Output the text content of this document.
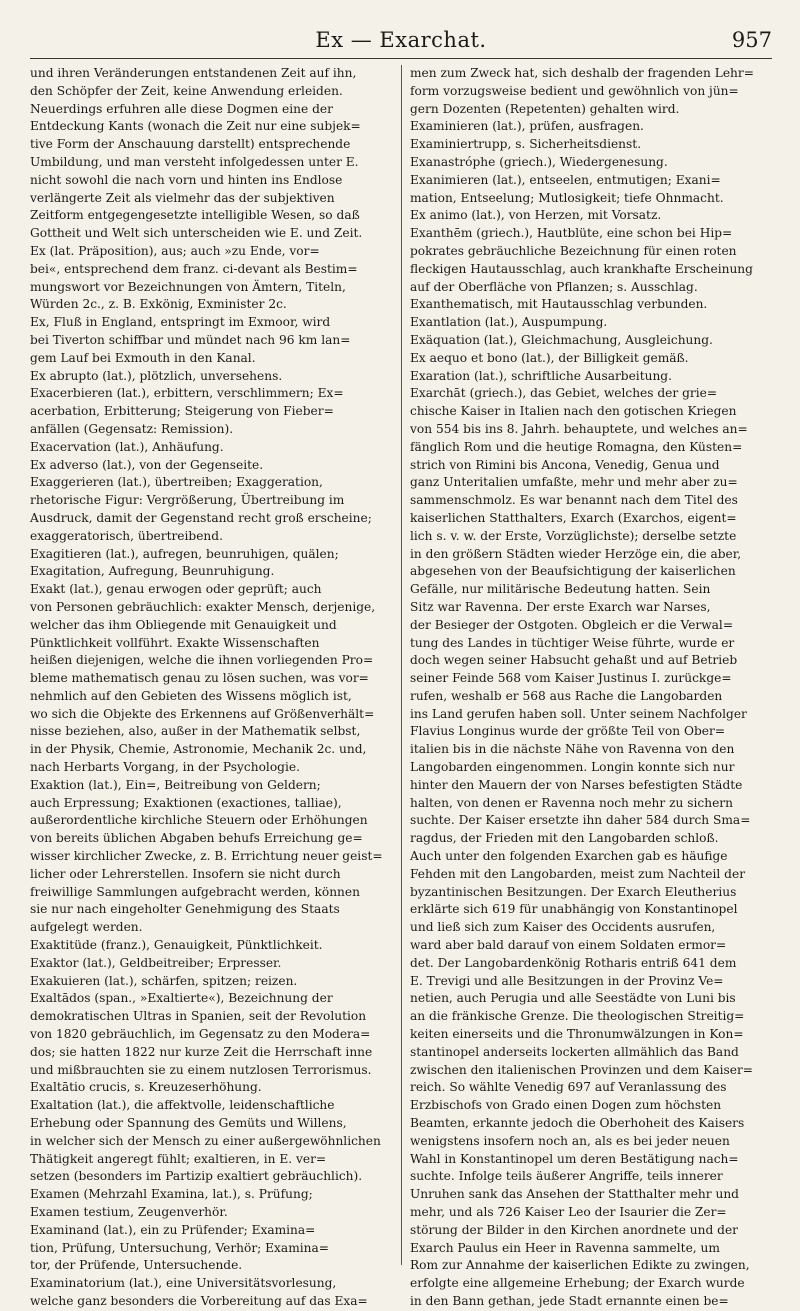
Ex — Exarchat.	957
und ihren Veränderungen entstandenen Zeit auf ihn,
den Schöpfer der Zeit, keine Anwendung erleiden.
Neuerdings erfuhren alle diese Dogmen eine der
Entdeckung Kants (wonach die Zeit nur eine subjek=
tive Form der Anschauung darstellt) entsprechende
Umbildung, und man versteht infolgedessen unter E.
nicht sowohl die nach vorn und hinten ins Endlose
verlängerte Zeit als vielmehr das der subjektiven
Zeitform entgegengesetzte intelligible Wesen, so daß
Gottheit und Welt sich unterscheiden wie E. und Zeit.
Ex (lat. Präposition), aus; auch »zu Ende, vor=
bei«, entsprechend dem franz. ci-devant als Bestim=
mungswort vor Bezeichnungen von Ämtern, Titeln,
Würden 2c., z. B. Exkönig, Exminister 2c.
Ex, Fluß in England, entspringt im Exmoor, wird
bei Tiverton schiffbar und mündet nach 96 km lan=
gem Lauf bei Exmouth in den Kanal.
Ex abrupto (lat.), plötzlich, unversehens.
Exacerbieren (lat.), erbittern, verschlimmern; Ex=
acerbation, Erbitterung; Steigerung von Fieber=
anfällen (Gegensatz: Remission).
Exacervation (lat.), Anhäufung.
Ex adverso (lat.), von der Gegenseite.
Exaggerieren (lat.), übertreiben; Exaggeration,
rhetorische Figur: Vergrößerung, Übertreibung im
Ausdruck, damit der Gegenstand recht groß erscheine;
exaggeratorisch, übertreibend.
Exagitieren (lat.), aufregen, beunruhigen, quälen;
Exagitation, Aufregung, Beunruhigung.
Exakt (lat.), genau erwogen oder geprüft; auch
von Personen gebräuchlich: exakter Mensch, derjenige,
welcher das ihm Obliegende mit Genauigkeit und
Pünktlichkeit vollführt. Exakte Wissenschaften
heißen diejenigen, welche die ihnen vorliegenden Pro=
bleme mathematisch genau zu lösen suchen, was vor=
nehmlich auf den Gebieten des Wissens möglich ist,
wo sich die Objekte des Erkennens auf Größenverhält=
nisse beziehen, also, außer in der Mathematik selbst,
in der Physik, Chemie, Astronomie, Mechanik 2c. und,
nach Herbarts Vorgang, in der Psychologie.
Exaktion (lat.), Ein=, Beitreibung von Geldern;
auch Erpressung; Exaktionen (exactiones, talliae),
außerordentliche kirchliche Steuern oder Erhöhungen
von bereits üblichen Abgaben behufs Erreichung ge=
wisser kirchlicher Zwecke, z. B. Errichtung neuer geist=
licher oder Lehrerstellen. Insofern sie nicht durch
freiwillige Sammlungen aufgebracht werden, können
sie nur nach eingeholter Genehmigung des Staats
aufgelegt werden.
Exaktitüde (franz.), Genauigkeit, Pünktlichkeit.
Exaktor (lat.), Geldbeitreiber; Erpresser.
Exakuieren (lat.), schärfen, spitzen; reizen.
Exaltādos (span., »Exaltierte«), Bezeichnung der
demokratischen Ultras in Spanien, seit der Revolution
von 1820 gebräuchlich, im Gegensatz zu den Modera=
dos; sie hatten 1822 nur kurze Zeit die Herrschaft inne
und mißbrauchten sie zu einem nutzlosen Terrorismus.
Exaltātio crucis, s. Kreuzeserhöhung.
Exaltation (lat.), die affektvolle, leidenschaftliche
Erhebung oder Spannung des Gemüts und Willens,
in welcher sich der Mensch zu einer außergewöhnlichen
Thätigkeit angeregt fühlt; exaltieren, in E. ver=
setzen (besonders im Partizip exaltiert gebräuchlich).
Examen (Mehrzahl Examina, lat.), s. Prüfung;
Examen testium, Zeugenverhör.
Examinand (lat.), ein zu Prüfender; Examina=
tion, Prüfung, Untersuchung, Verhör; Examina=
tor, der Prüfende, Untersuchende.
Examinatorium (lat.), eine Universitätsvorlesung,
welche ganz besonders die Vorbereitung auf das Exa=
men zum Zweck hat, sich deshalb der fragenden Lehr=
form vorzugsweise bedient und gewöhnlich von jün=
gern Dozenten (Repetenten) gehalten wird.
Examinieren (lat.), prüfen, ausfragen.
Examiniertrupp, s. Sicherheitsdienst.
Exanastróphe (griech.), Wiedergenesung.
Exanimieren (lat.), entseelen, entmutigen; Exani=
mation, Entseelung; Mutlosigkeit; tiefe Ohnmacht.
Ex animo (lat.), von Herzen, mit Vorsatz.
Exanthēm (griech.), Hautblüte, eine schon bei Hip=
pokrates gebräuchliche Bezeichnung für einen roten
fleckigen Hautausschlag, auch krankhafte Erscheinung
auf der Oberfläche von Pflanzen; s. Ausschlag.
Exanthematisch, mit Hautausschlag verbunden.
Exantlation (lat.), Auspumpung.
Exäquation (lat.), Gleichmachung, Ausgleichung.
Ex aequo et bono (lat.), der Billigkeit gemäß.
Exaration (lat.), schriftliche Ausarbeitung.
Exarchāt (griech.), das Gebiet, welches der grie=
chische Kaiser in Italien nach den gotischen Kriegen
von 554 bis ins 8. Jahrh. behauptete, und welches an=
fänglich Rom und die heutige Romagna, den Küsten=
strich von Rimini bis Ancona, Venedig, Genua und
ganz Unteritalien umfaßte, mehr und mehr aber zu=
sammenschmolz. Es war benannt nach dem Titel des
kaiserlichen Statthalters, Exarch (Exarchos, eigent=
lich s. v. w. der Erste, Vorzüglichste); derselbe setzte
in den größern Städten wieder Herzöge ein, die aber,
abgesehen von der Beaufsichtigung der kaiserlichen
Gefälle, nur militärische Bedeutung hatten. Sein
Sitz war Ravenna. Der erste Exarch war Narses,
der Besieger der Ostgoten. Obgleich er die Verwal=
tung des Landes in tüchtiger Weise führte, wurde er
doch wegen seiner Habsucht gehaßt und auf Betrieb
seiner Feinde 568 vom Kaiser Justinus I. zurückge=
rufen, weshalb er 568 aus Rache die Langobarden
ins Land gerufen haben soll. Unter seinem Nachfolger
Flavius Longinus wurde der größte Teil von Ober=
italien bis in die nächste Nähe von Ravenna von den
Langobarden eingenommen. Longin konnte sich nur
hinter den Mauern der von Narses befestigten Städte
halten, von denen er Ravenna noch mehr zu sichern
suchte. Der Kaiser ersetzte ihn daher 584 durch Sma=
ragdus, der Frieden mit den Langobarden schloß.
Auch unter den folgenden Exarchen gab es häufige
Fehden mit den Langobarden, meist zum Nachteil der
byzantinischen Besitzungen. Der Exarch Eleutherius
erklärte sich 619 für unabhängig von Konstantinopel
und ließ sich zum Kaiser des Occidents ausrufen,
ward aber bald darauf von einem Soldaten ermor=
det. Der Langobardenkönig Rotharis entriß 641 dem
E. Trevigi und alle Besitzungen in der Provinz Ve=
netien, auch Perugia und alle Seestädte von Luni bis
an die fränkische Grenze. Die theologischen Streitig=
keiten einerseits und die Thronumwälzungen in Kon=
stantinopel anderseits lockerten allmählich das Band
zwischen den italienischen Provinzen und dem Kaiser=
reich. So wählte Venedig 697 auf Veranlassung des
Erzbischofs von Grado einen Dogen zum höchsten
Beamten, erkannte jedoch die Oberhoheit des Kaisers
wenigstens insofern noch an, als es bei jeder neuen
Wahl in Konstantinopel um deren Bestätigung nach=
suchte. Infolge teils äußerer Angriffe, teils innerer
Unruhen sank das Ansehen der Statthalter mehr und
mehr, und als 726 Kaiser Leo der Isaurier die Zer=
störung der Bilder in den Kirchen anordnete und der
Exarch Paulus ein Heer in Ravenna sammelte, um
Rom zur Annahme der kaiserlichen Edikte zu zwingen,
erfolgte eine allgemeine Erhebung; der Exarch wurde
in den Bann gethan, jede Stadt ernannte einen be=
